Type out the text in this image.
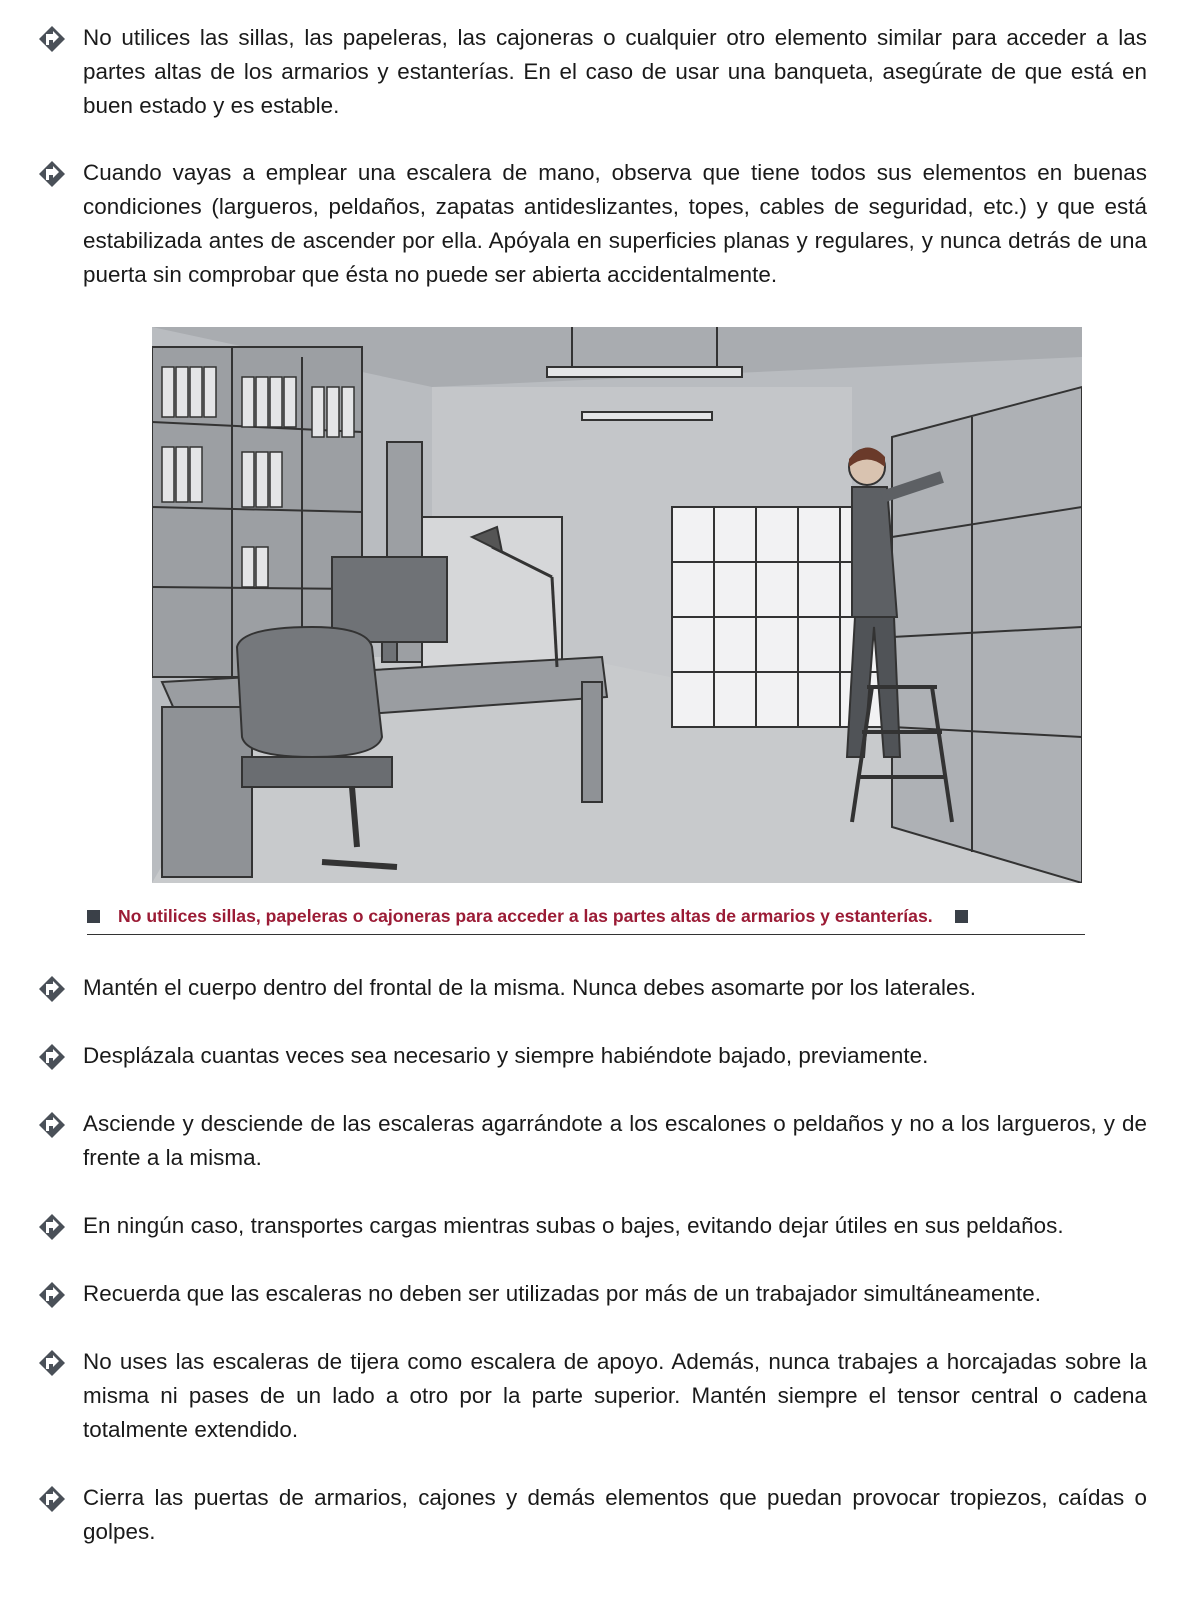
No utilices las sillas, las papeleras, las cajoneras o cualquier otro elemento similar para acceder a las partes altas de los armarios y estanterías. En el caso de usar una banqueta, asegúrate de que está en buen estado y es estable.
Cuando vayas a emplear una escalera de mano, observa que tiene todos sus elementos en buenas condiciones (largueros, peldaños, zapatas antideslizantes, topes, cables de seguridad, etc.) y que está estabilizada antes de ascender por ella. Apóyala en superficies planas y regulares, y nunca detrás de una puerta sin comprobar que ésta no puede ser abierta accidentalmente.
No utilices sillas, papeleras o cajoneras para acceder a las partes altas de armarios y estanterías.
Mantén el cuerpo dentro del frontal de la misma. Nunca debes asomarte por los laterales.
Desplázala cuantas veces sea necesario y siempre habiéndote bajado, previamente.
Asciende y desciende de las escaleras agarrándote a los escalones o peldaños y no a los largueros, y de frente a la misma.
En ningún caso, transportes cargas mientras subas o bajes, evitando dejar útiles en sus peldaños.
Recuerda que las escaleras no deben ser utilizadas por más de un trabajador simultáneamente.
No uses las escaleras de tijera como escalera de apoyo. Además, nunca trabajes a horcajadas sobre la misma ni pases de un lado a otro por la parte superior. Mantén siempre el tensor central o cadena totalmente extendido.
Cierra las puertas de armarios, cajones y demás elementos que puedan provocar tropiezos, caídas o golpes.
